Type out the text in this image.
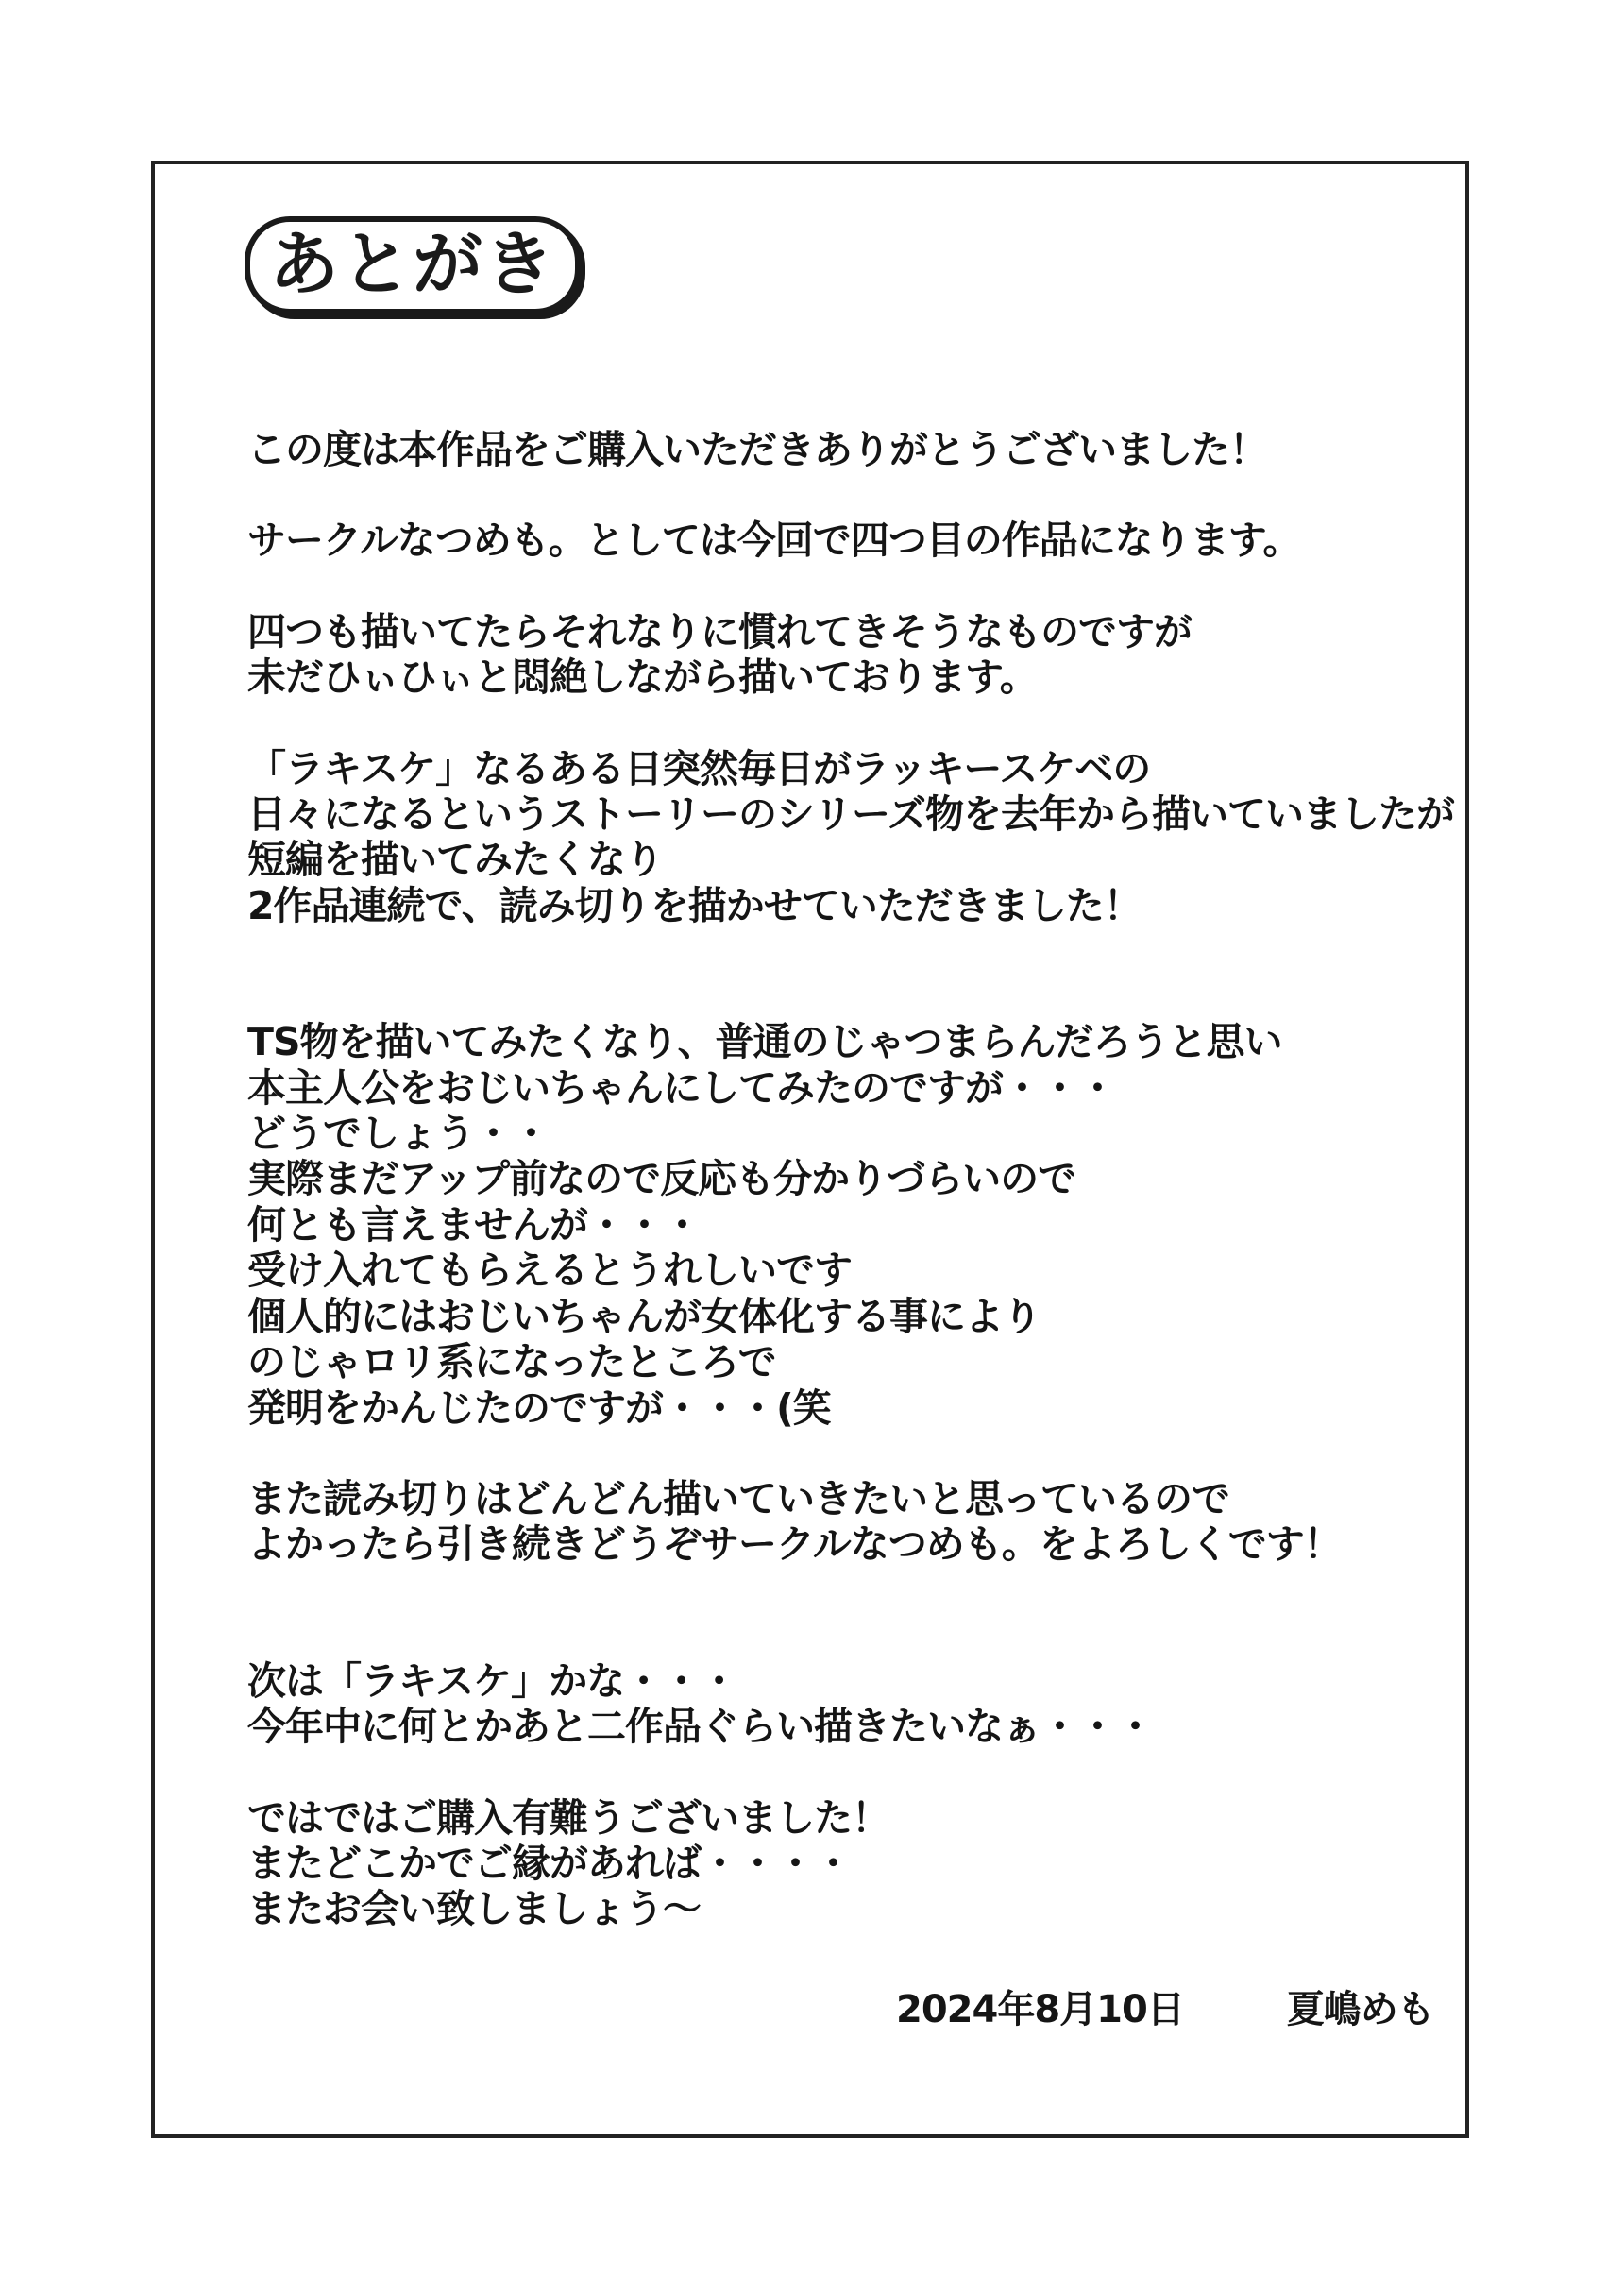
あとがき
この度は本作品をご購入いただきありがとうございました！
サークルなつめも。としては今回で四つ目の作品になります。
四つも描いてたらそれなりに慣れてきそうなものですが
未だひぃひぃと悶絶しながら描いております。
「ラキスケ」なるある日突然毎日がラッキースケベの
日々になるというストーリーのシリーズ物を去年から描いていましたが
短編を描いてみたくなり
2作品連続で、読み切りを描かせていただきました！
TS物を描いてみたくなり、普通のじゃつまらんだろうと思い
本主人公をおじいちゃんにしてみたのですが・・・
どうでしょう・・
実際まだアップ前なので反応も分かりづらいので
何とも言えませんが・・・
受け入れてもらえるとうれしいです
個人的にはおじいちゃんが女体化する事により
のじゃロリ系になったところで
発明をかんじたのですが・・・(笑
また読み切りはどんどん描いていきたいと思っているので
よかったら引き続きどうぞサークルなつめも。をよろしくです！
次は「ラキスケ」かな・・・
今年中に何とかあと二作品ぐらい描きたいなぁ・・・
ではではご購入有難うございました！
またどこかでご縁があれば・・・・
またお会い致しましょう～
2024年8月10日	夏嶋めも
